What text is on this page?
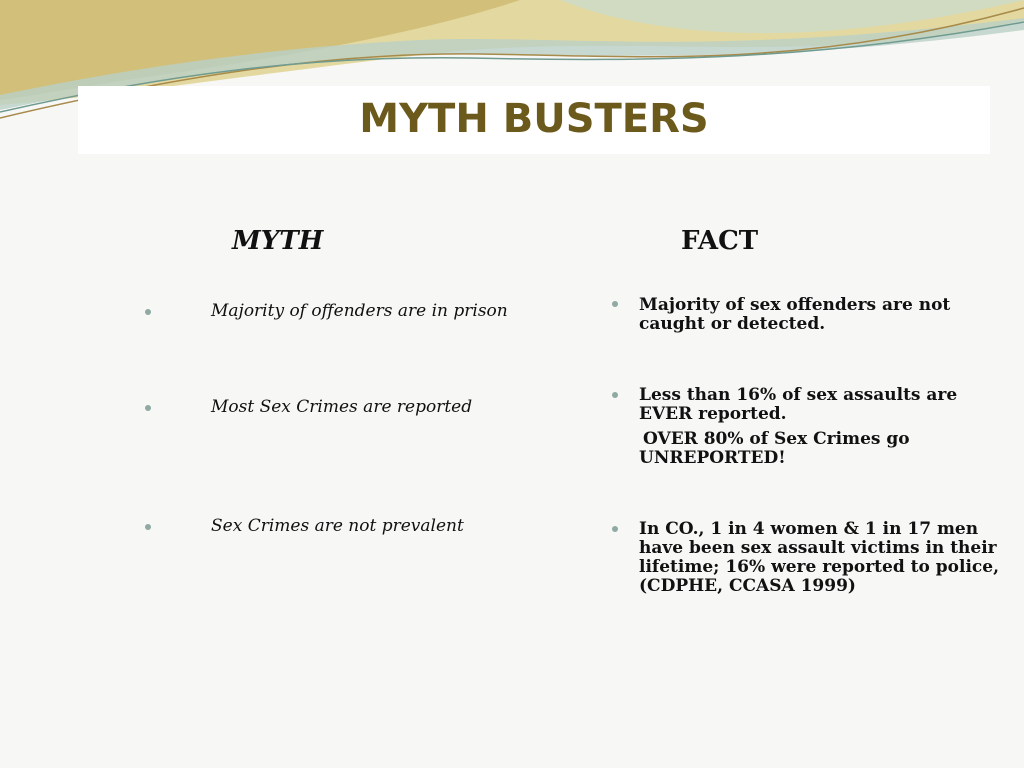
MYTH BUSTERS
MYTH	FACT
Majority of offenders are in prison
Most Sex Crimes are reported
Sex Crimes are not prevalent
Majority of sex offenders are not caught or detected.
Less than 16% of sex assaults are EVER reported.
OVER 80% of Sex Crimes go UNREPORTED!
In CO., 1 in 4 women & 1 in 17 men have been sex assault victims in their lifetime; 16% were reported to police, (CDPHE, CCASA 1999)
